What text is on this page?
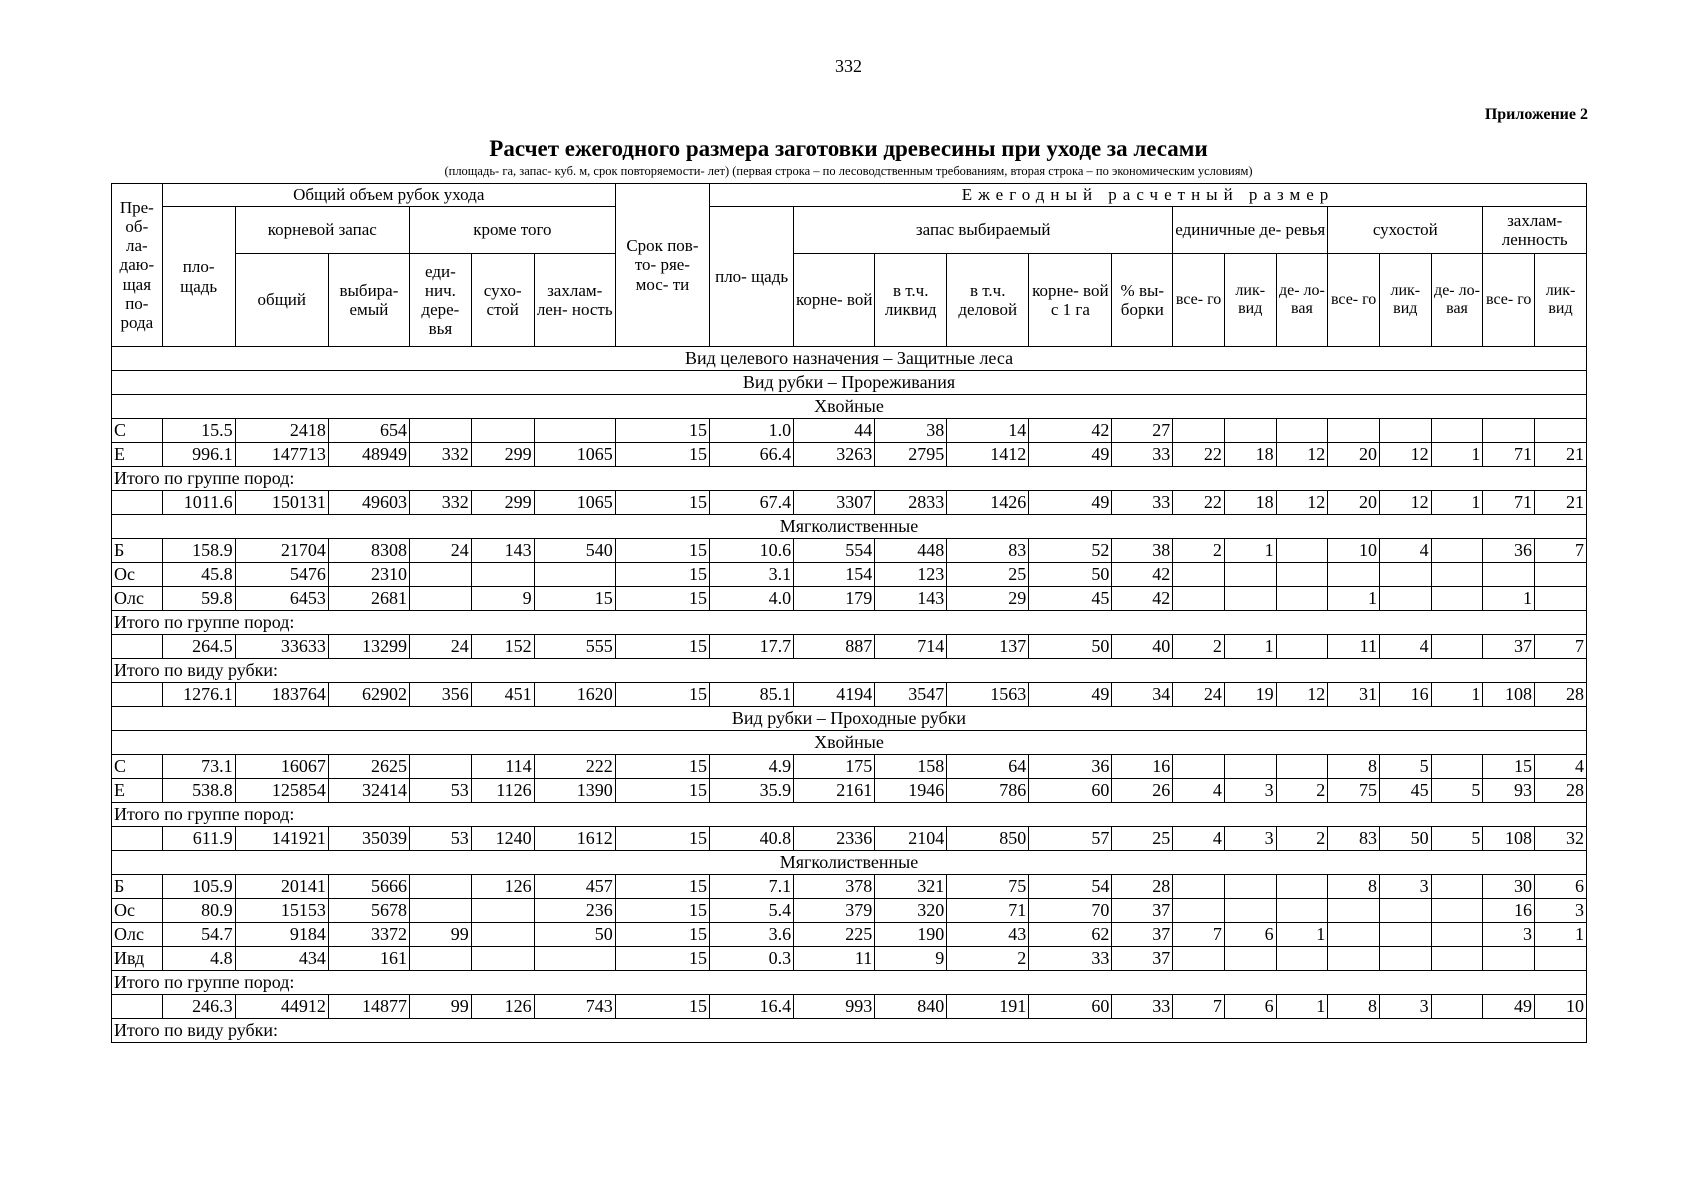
332
Приложение 2
Расчет ежегодного размера заготовки древесины при уходе за лесами
(площадь- га, запас- куб. м, срок повторяемости- лет) (первая строка – по лесоводственным требованиям, вторая строка – по экономическим условиям)
Пре- об- ла- даю- щая по- рода	Общий объем рубок ухода						Срок пов- то- ряе- мос- ти	Ежегодный расчетный размер													
	пло- щадь	корневой запас		кроме того				пло- щадь	запас выбираемый					единичные де- ревья			сухостой			захлам- ленность	
		общий	выбира- емый	еди- нич. дере- вья	сухо- стой	захлам- лен- ность			корне- вой	в т.ч. ликвид	в т.ч. деловой	корне- вой с 1 га	% вы- борки	все- го	лик- вид	де- ло- вая	все- го	лик- вид	де- ло- вая	все- го	лик- вид
Вид целевого назначения – Защитные леса																					
Вид рубки – Прореживания																					
Хвойные																					
С	15.5	2418	654				15	1.0	44	38	14	42	27								
Е	996.1	147713	48949	332	299	1065	15	66.4	3263	2795	1412	49	33	22	18	12	20	12	1	71	21
Итого по группе пород:																					
	1011.6	150131	49603	332	299	1065	15	67.4	3307	2833	1426	49	33	22	18	12	20	12	1	71	21
Мягколиственные																					
Б	158.9	21704	8308	24	143	540	15	10.6	554	448	83	52	38	2	1		10	4		36	7
Ос	45.8	5476	2310				15	3.1	154	123	25	50	42								
Олс	59.8	6453	2681		9	15	15	4.0	179	143	29	45	42				1			1	
Итого по группе пород:																					
	264.5	33633	13299	24	152	555	15	17.7	887	714	137	50	40	2	1		11	4		37	7
Итого по виду рубки:																					
	1276.1	183764	62902	356	451	1620	15	85.1	4194	3547	1563	49	34	24	19	12	31	16	1	108	28
Вид рубки – Проходные рубки																					
Хвойные																					
С	73.1	16067	2625		114	222	15	4.9	175	158	64	36	16				8	5		15	4
Е	538.8	125854	32414	53	1126	1390	15	35.9	2161	1946	786	60	26	4	3	2	75	45	5	93	28
Итого по группе пород:																					
	611.9	141921	35039	53	1240	1612	15	40.8	2336	2104	850	57	25	4	3	2	83	50	5	108	32
Мягколиственные																					
Б	105.9	20141	5666		126	457	15	7.1	378	321	75	54	28				8	3		30	6
Ос	80.9	15153	5678			236	15	5.4	379	320	71	70	37							16	3
Олс	54.7	9184	3372	99		50	15	3.6	225	190	43	62	37	7	6	1				3	1
Ивд	4.8	434	161				15	0.3	11	9	2	33	37								
Итого по группе пород:																					
	246.3	44912	14877	99	126	743	15	16.4	993	840	191	60	33	7	6	1	8	3		49	10
Итого по виду рубки:																					
